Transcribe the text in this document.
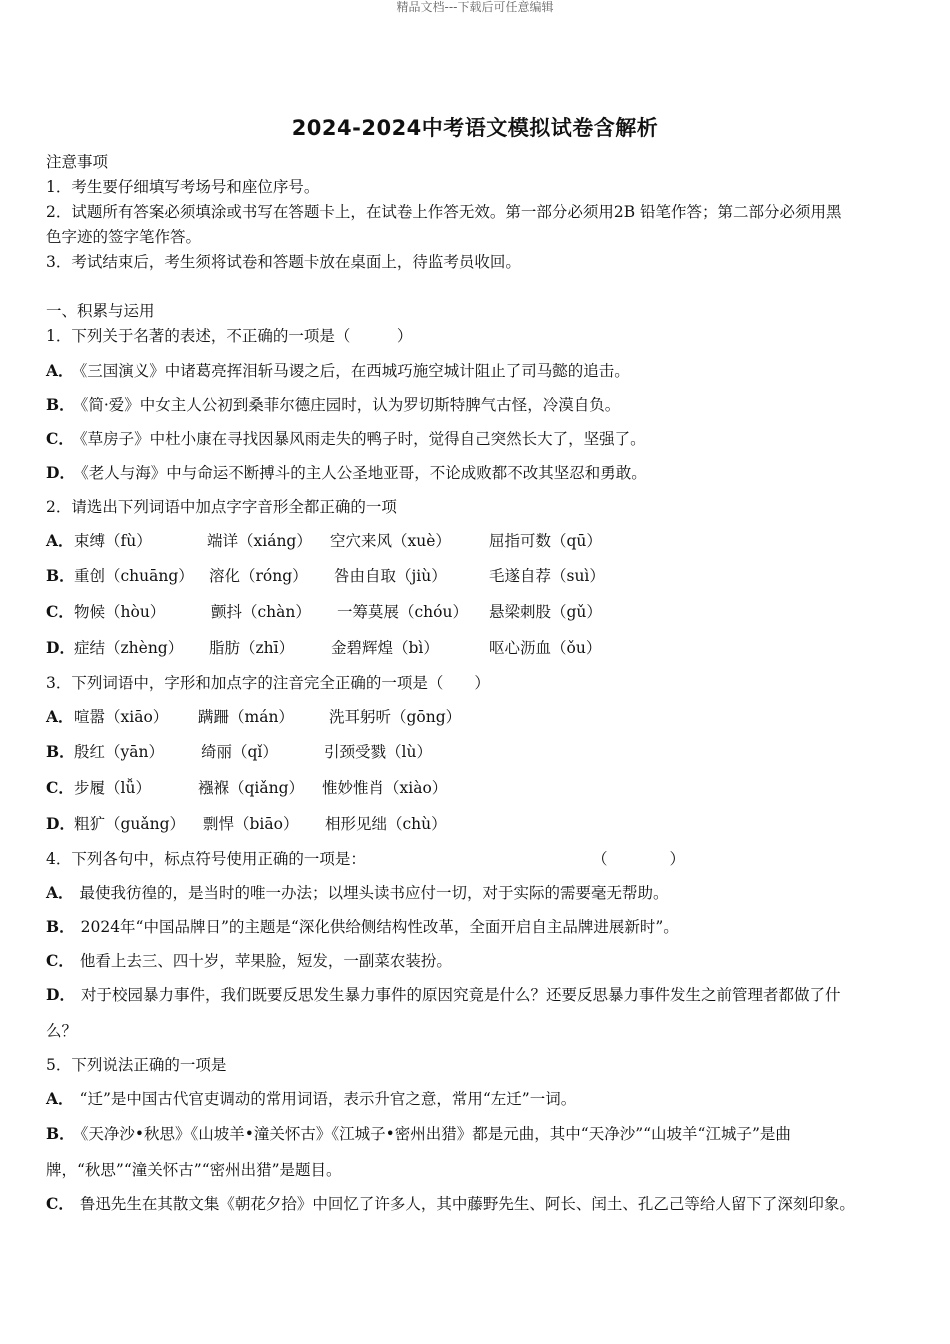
精品文档---下载后可任意编辑
2024-2024中考语文模拟试卷含解析
注意事项
1．考生要仔细填写考场号和座位序号。
2．试题所有答案必须填涂或书写在答题卡上，在试卷上作答无效。第一部分必须用2B 铅笔作答；第二部分必须用黑
色字迹的签字笔作答。
3．考试结束后，考生须将试卷和答题卡放在桌面上，待监考员收回。
一、积累与运用
1．下列关于名著的表述，不正确的一项是（　　　）
A． 《三国演义》中诸葛亮挥泪斩马谡之后，在西城巧施空城计阻止了司马懿的追击。
B． 《简·爱》中女主人公初到桑菲尔德庄园时，认为罗切斯特脾气古怪，冷漠自负。
C． 《草房子》中杜小康在寻找因暴风雨走失的鸭子时，觉得自己突然长大了，坚强了。
D． 《老人与海》中与命运不断搏斗的主人公圣地亚哥，不论成败都不改其坚忍和勇敢。
2．请选出下列词语中加点字字音形全都正确的一项
A． 束缚（fù）	端详（xiáng） 空穴来风（xuè） 屈指可数（qū）
B． 重创（chuāng） 溶化（róng） 咎由自取（jiù）	毛遂自荐（suì）
C． 物候（hòu）	颤抖（chàn） 一筹莫展（chóu） 悬梁刺股（gǔ）
D． 症结（zhèng） 脂肪（zhī） 金碧辉煌（bì）	呕心沥血（ǒu）
3．下列词语中，字形和加点字的注音完全正确的一项是（　　）
A． 喧嚣（xiāo） 蹒跚（mán） 洗耳躬听（gōng）
B． 殷红（yān） 绮丽（qǐ）	引颈受戮（lù）
C． 步履（lǚ）	襁褓（qiǎng） 惟妙惟肖（xiào）
D． 粗犷（guǎng） 剽悍（biāo） 相形见绌（chù）
4．下列各句中，标点符号使用正确的一项是：	（　　　　）
A． 最使我彷徨的，是当时的唯一办法；以埋头读书应付一切，对于实际的需要毫无帮助。
B． 2024年“中国品牌日”的主题是“深化供给侧结构性改革，全面开启自主品牌进展新时”。
C． 他看上去三、四十岁，苹果脸，短发，一副菜农装扮。
D． 对于校园暴力事件，我们既要反思发生暴力事件的原因究竟是什么？还要反思暴力事件发生之前管理者都做了什
么？
5．下列说法正确的一项是
A． “迁”是中国古代官吏调动的常用词语，表示升官之意，常用“左迁”一词。
B． 《天净沙•秋思》《山坡羊•潼关怀古》《江城子•密州出猎》都是元曲，其中“天净沙”“山坡羊“江城子”是曲
牌，“秋思”“潼关怀古”“密州出猎”是题目。
C． 鲁迅先生在其散文集《朝花夕拾》中回忆了许多人，其中藤野先生、阿长、闰土、孔乙己等给人留下了深刻印象。
